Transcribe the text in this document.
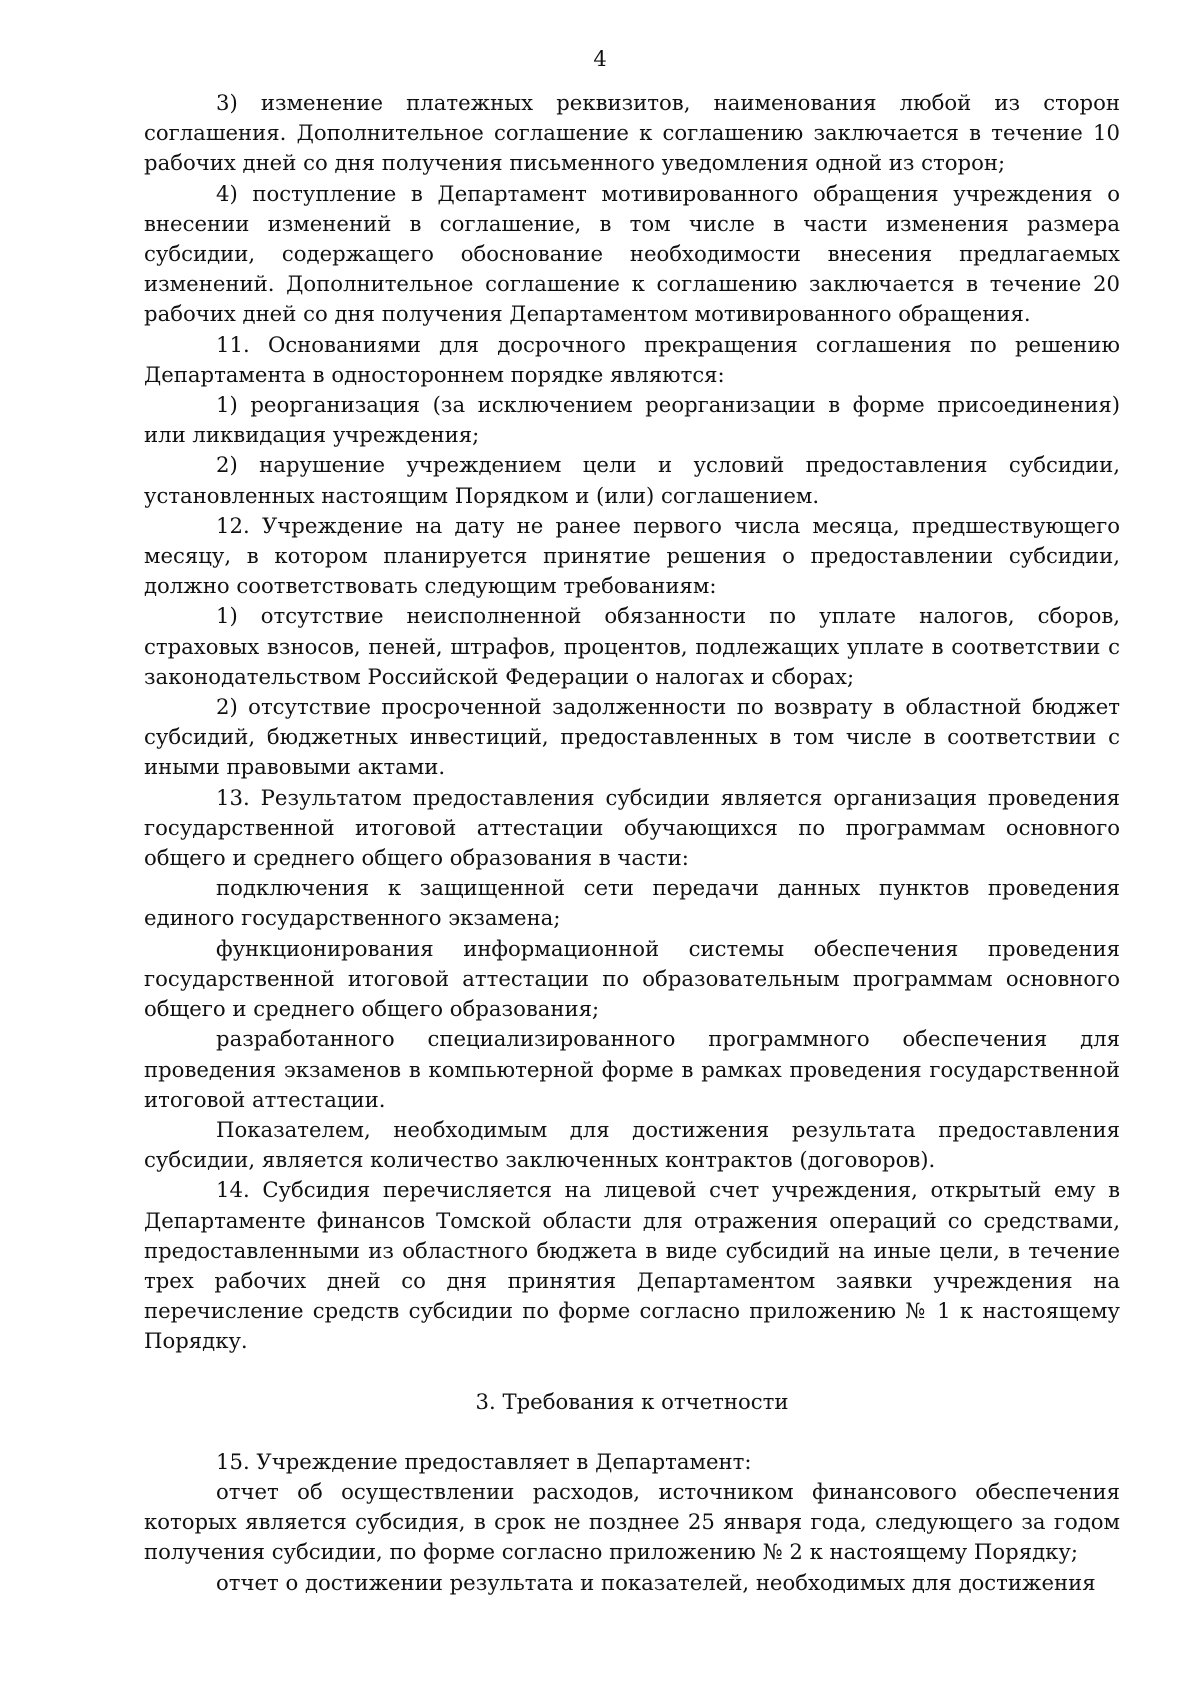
4

3) изменение платежных реквизитов, наименования любой из сторон соглашения. Дополнительное соглашение к соглашению заключается в течение 10 рабочих дней со дня получения письменного уведомления одной из сторон;

4) поступление в Департамент мотивированного обращения учреждения о внесении изменений в соглашение, в том числе в части изменения размера субсидии, содержащего обоснование необходимости внесения предлагаемых изменений. Дополнительное соглашение к соглашению заключается в течение 20 рабочих дней со дня получения Департаментом мотивированного обращения.

11. Основаниями для досрочного прекращения соглашения по решению Департамента в одностороннем порядке являются:

1) реорганизация (за исключением реорганизации в форме присоединения) или ликвидация учреждения;

2) нарушение учреждением цели и условий предоставления субсидии, установленных настоящим Порядком и (или) соглашением.

12. Учреждение на дату не ранее первого числа месяца, предшествующего месяцу, в котором планируется принятие решения о предоставлении субсидии, должно соответствовать следующим требованиям:

1) отсутствие неисполненной обязанности по уплате налогов, сборов, страховых взносов, пеней, штрафов, процентов, подлежащих уплате в соответствии с законодательством Российской Федерации о налогах и сборах;

2) отсутствие просроченной задолженности по возврату в областной бюджет субсидий, бюджетных инвестиций, предоставленных в том числе в соответствии с иными правовыми актами.

13. Результатом предоставления субсидии является организация проведения государственной итоговой аттестации обучающихся по программам основного общего и среднего общего образования в части:

подключения к защищенной сети передачи данных пунктов проведения единого государственного экзамена;

функционирования информационной системы обеспечения проведения государственной итоговой аттестации по образовательным программам основного общего и среднего общего образования;

разработанного специализированного программного обеспечения для проведения экзаменов в компьютерной форме в рамках проведения государственной итоговой аттестации.

Показателем, необходимым для достижения результата предоставления субсидии, является количество заключенных контрактов (договоров).

14. Субсидия перечисляется на лицевой счет учреждения, открытый ему в Департаменте финансов Томской области для отражения операций со средствами, предоставленными из областного бюджета в виде субсидий на иные цели, в течение трех рабочих дней со дня принятия Департаментом заявки учреждения на перечисление средств субсидии по форме согласно приложению № 1 к настоящему Порядку.

3. Требования к отчетности

15. Учреждение предоставляет в Департамент:

отчет об осуществлении расходов, источником финансового обеспечения которых является субсидия, в срок не позднее 25 января года, следующего за годом получения субсидии, по форме согласно приложению № 2 к настоящему Порядку;

отчет о достижении результата и показателей, необходимых для достижения
